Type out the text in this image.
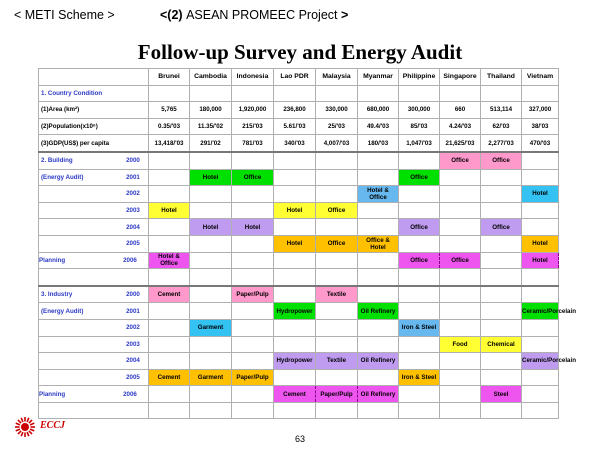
< METI Scheme >	<(2) ASEAN PROMEEC Project >
Follow-up Survey and Energy Audit
	Brunei	Cambodia	Indonesia	Lao PDR	Malaysia	Myanmar	Philippine	Singapore	Thailand	Vietnam
1. Country Condition										
(1)Area (km²)	5,765	180,000	1,920,000	236,800	330,000	680,000	300,000	660	513,114	327,000
(2)Population(x10⁶)	0.35/'03	11.35/'02	215/'03	5.61/'03	25/'03	49.4/'03	85/'03	4.24/'03	62/'03	38/'03
(3)GDP(US$) per capita	13,418/'03	291/'02	781/'03	340/'03	4,007/'03	180/'03	1,047/'03	21,625/'03	2,277/'03	470/'03

2. Building 2000								Office	Office	

(Energy Audit) 2001		Hotel	Office				Office			

2002						Hotel & Office				Hotel

2003	Hotel			Hotel	Office					

2004		Hotel	Hotel				Office		Office	

2005				Hotel	Office	Office & Hotel				Hotel

Planning 2006	Hotel & Office						Office	Office		Hotel

3. Industry 2000	Cement		Paper/Pulp		Textile					

(Energy Audit) 2001				Hydropower		Oil Refinery				Ceramic/Porcelain

2002		Garment					Iron & Steel			

2003								Food	Chemical	

2004				Hydropower	Textile	Oil Refinery				Ceramic/Porcelain

2005	Cement	Garment	Paper/Pulp				Iron & Steel			

Planning 2006				Cement	Paper/Pulp	Oil Refinery			Steel	

ECCJ
63
